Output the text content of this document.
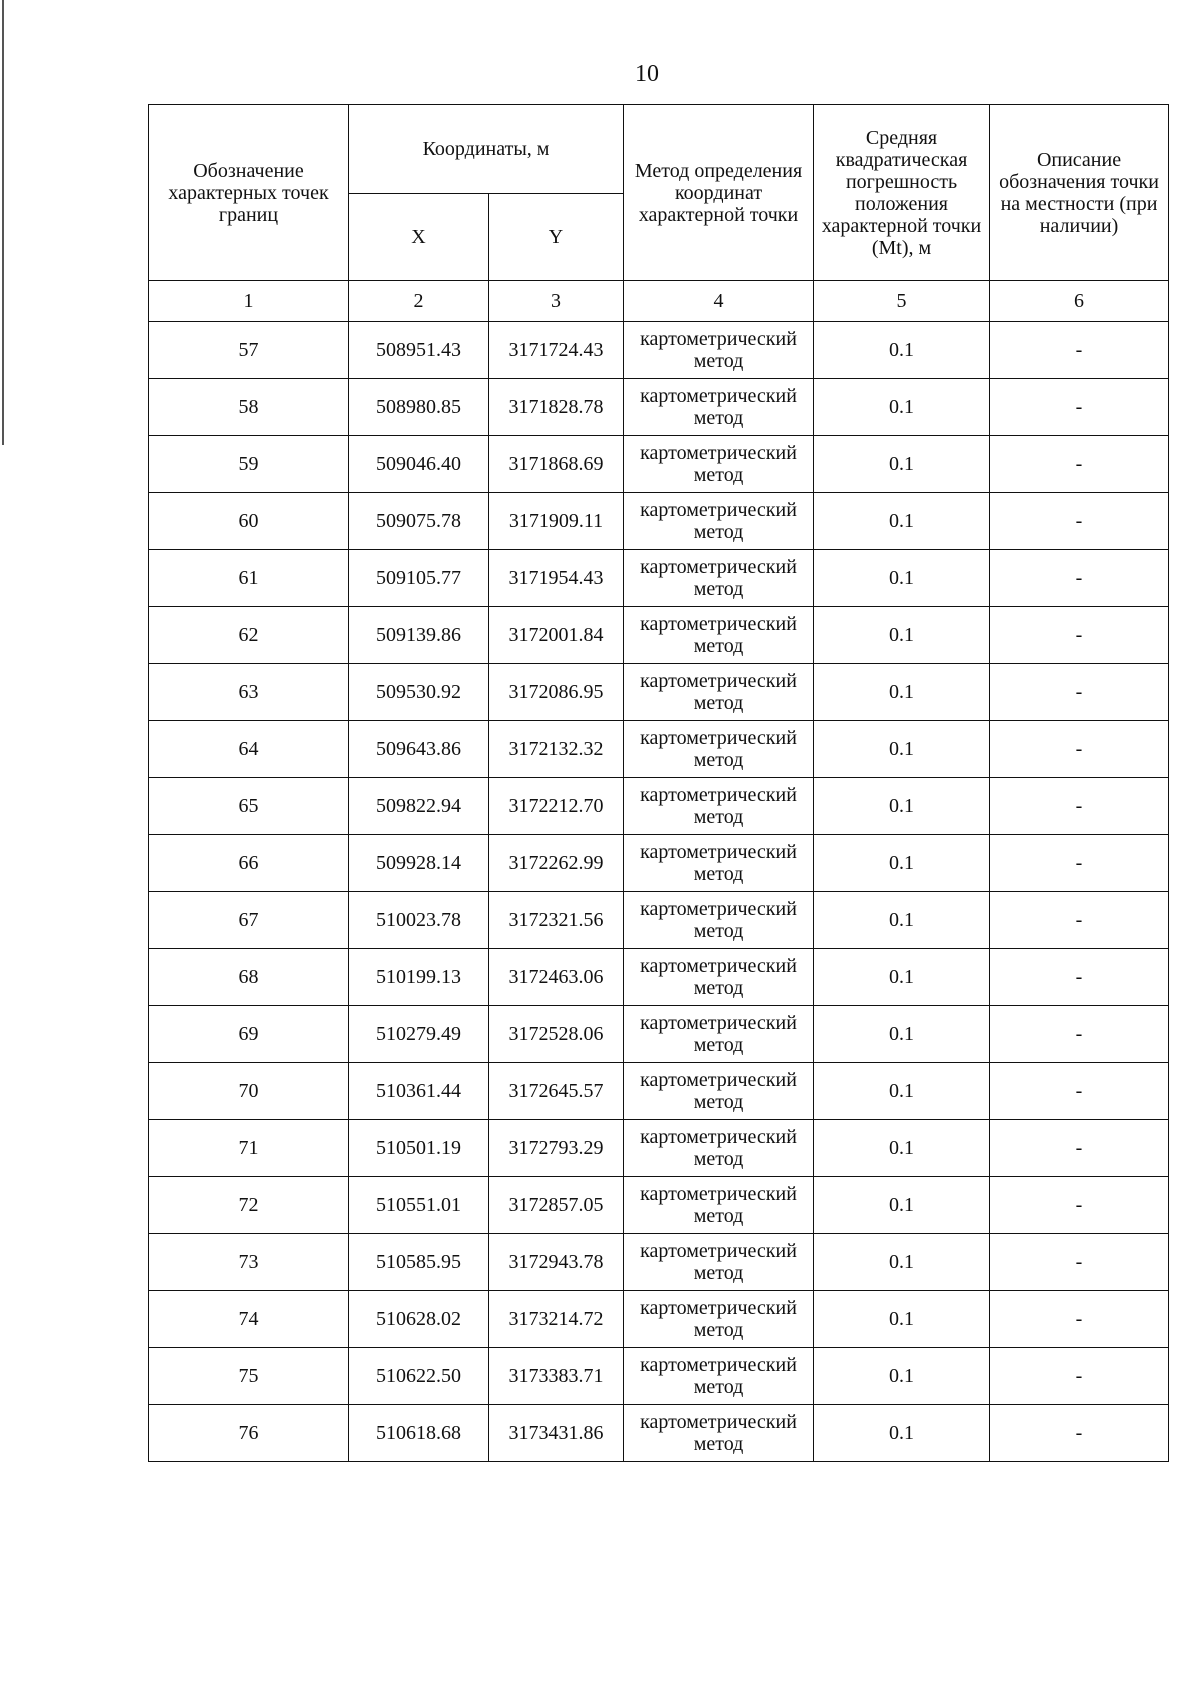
10
Обозначение характерных точек границ	Координаты, м		Метод определения координат характерной точки	Средняя квадратическая погрешность положения характерной точки (Mt), м	Описание обозначения точки на местности (при наличии)
	X	Y			
1	2	3	4	5	6
57	508951.43	3171724.43	картометрический метод	0.1	-
58	508980.85	3171828.78	картометрический метод	0.1	-
59	509046.40	3171868.69	картометрический метод	0.1	-
60	509075.78	3171909.11	картометрический метод	0.1	-
61	509105.77	3171954.43	картометрический метод	0.1	-
62	509139.86	3172001.84	картометрический метод	0.1	-
63	509530.92	3172086.95	картометрический метод	0.1	-
64	509643.86	3172132.32	картометрический метод	0.1	-
65	509822.94	3172212.70	картометрический метод	0.1	-
66	509928.14	3172262.99	картометрический метод	0.1	-
67	510023.78	3172321.56	картометрический метод	0.1	-
68	510199.13	3172463.06	картометрический метод	0.1	-
69	510279.49	3172528.06	картометрический метод	0.1	-
70	510361.44	3172645.57	картометрический метод	0.1	-
71	510501.19	3172793.29	картометрический метод	0.1	-
72	510551.01	3172857.05	картометрический метод	0.1	-
73	510585.95	3172943.78	картометрический метод	0.1	-
74	510628.02	3173214.72	картометрический метод	0.1	-
75	510622.50	3173383.71	картометрический метод	0.1	-
76	510618.68	3173431.86	картометрический метод	0.1	-
